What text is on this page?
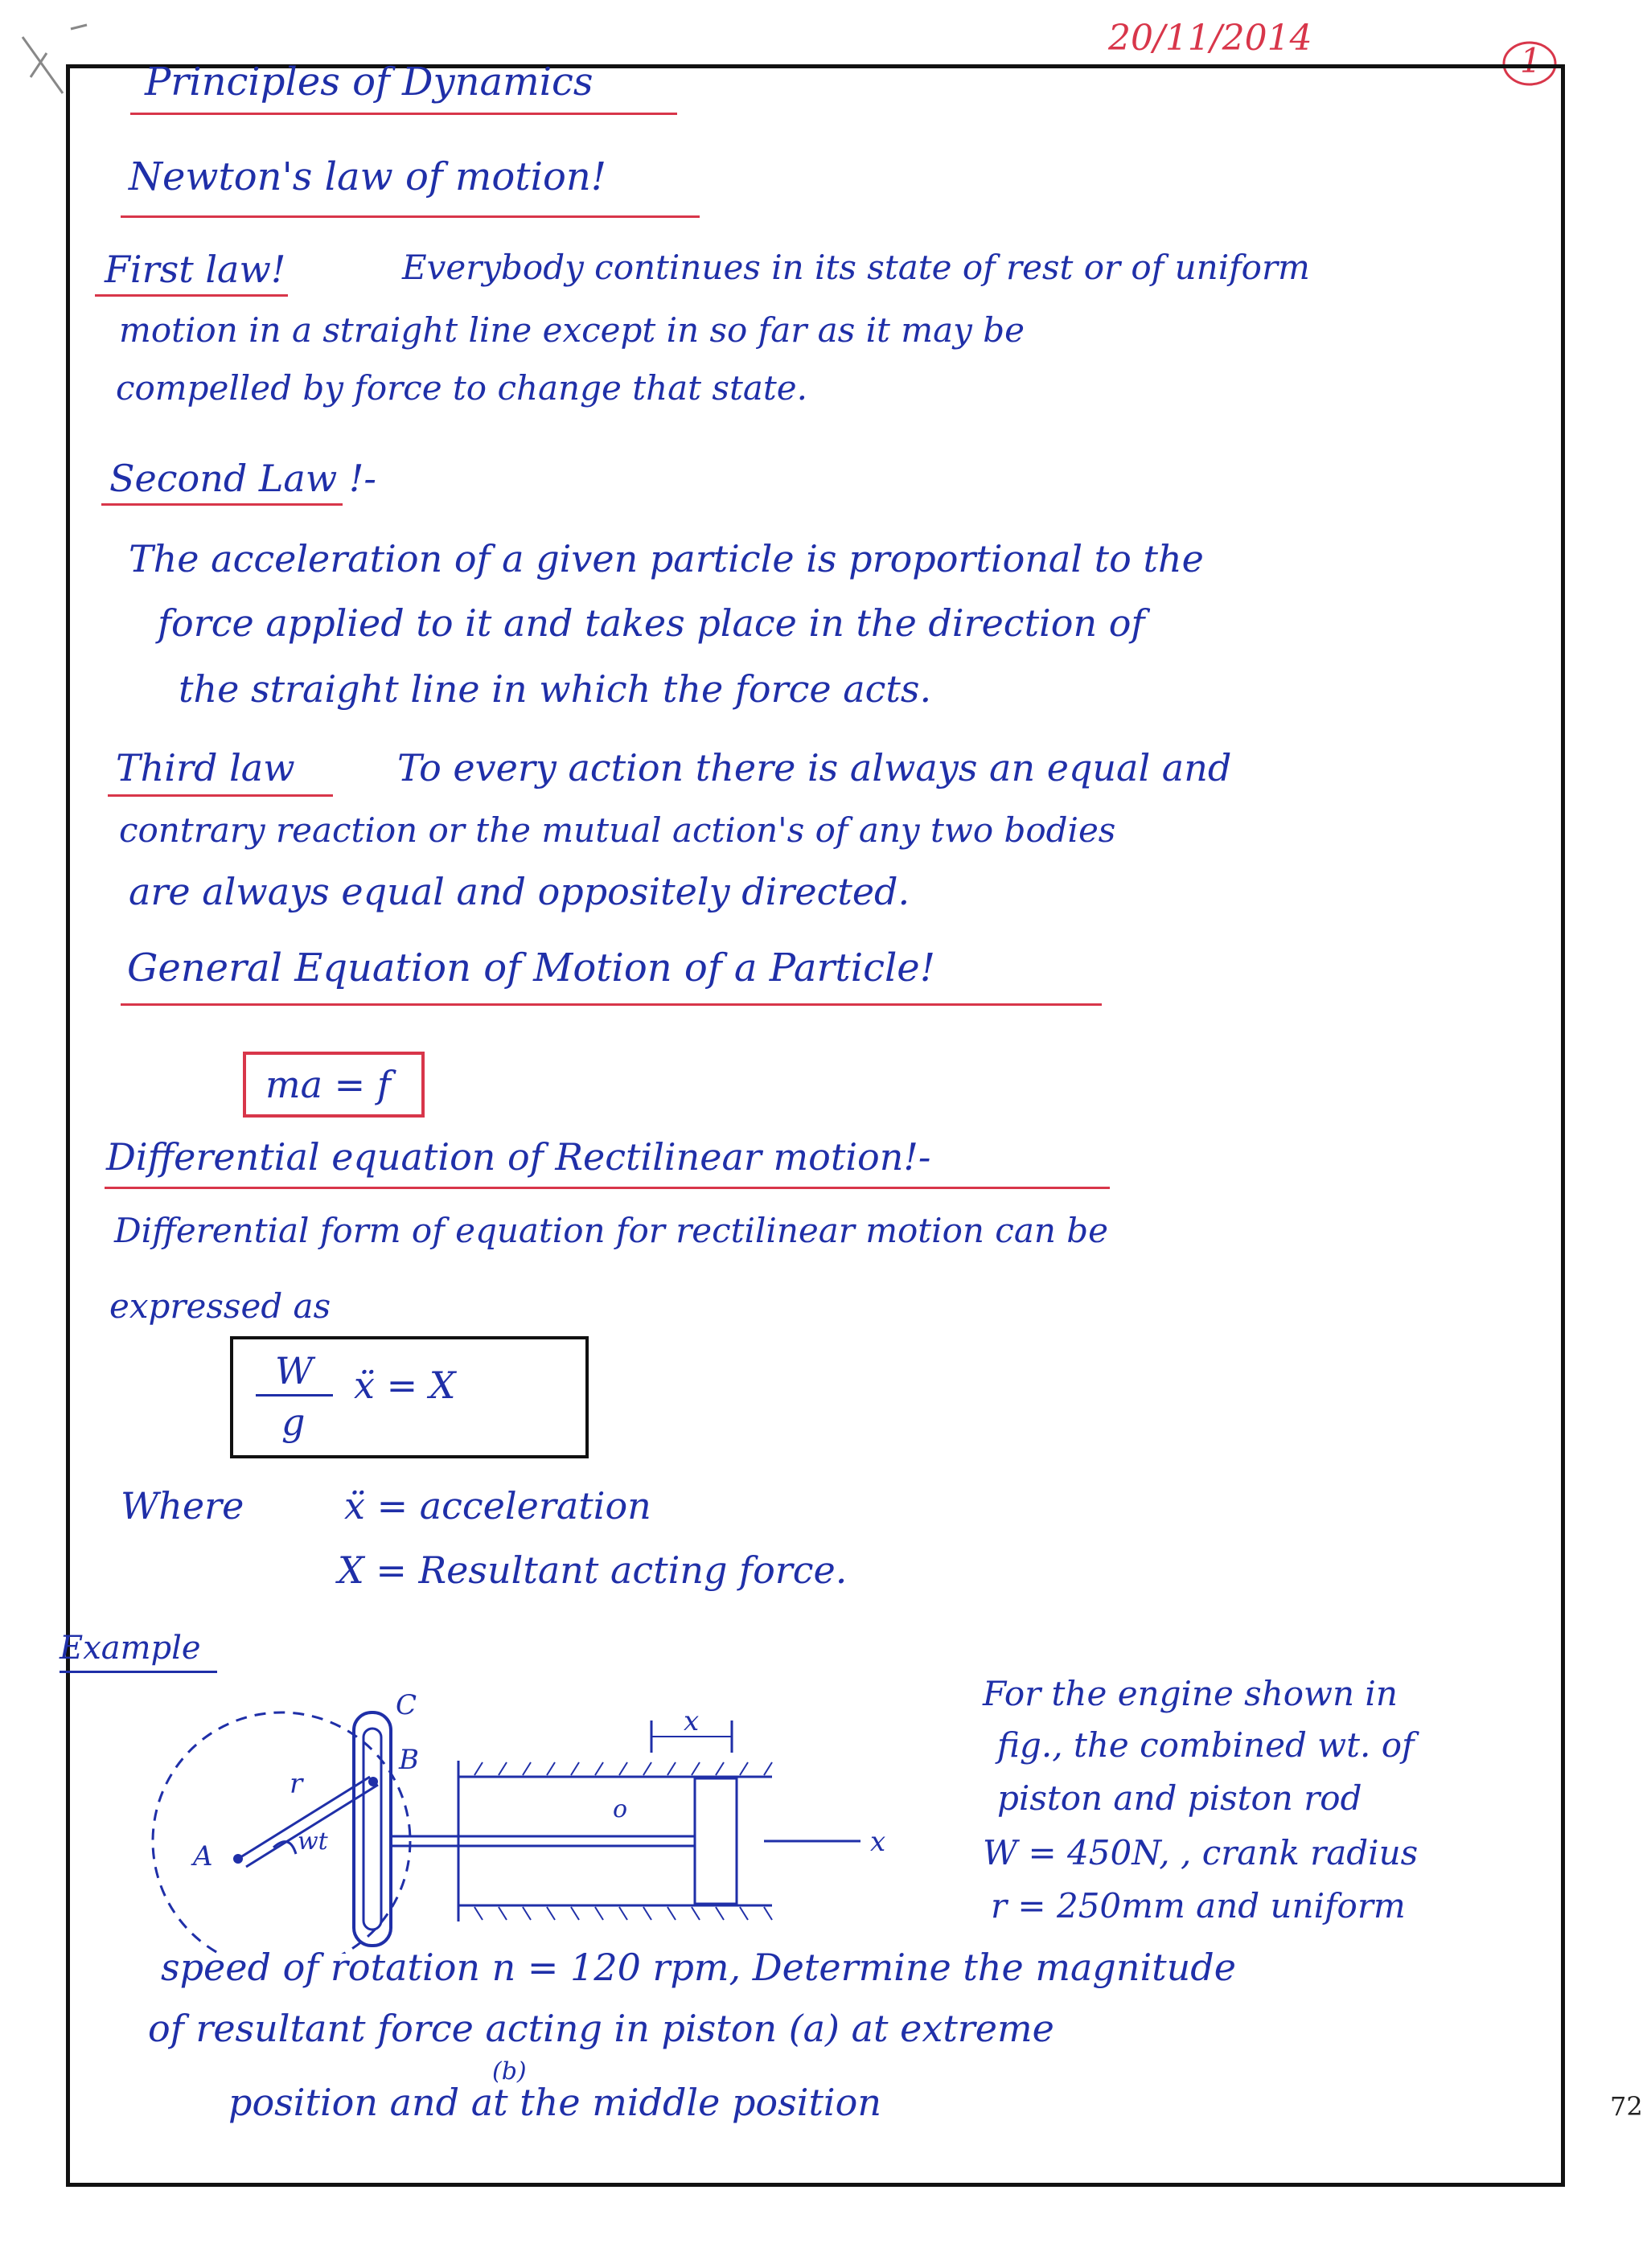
20/11/2014
1
Principles of Dynamics
Newton's law of motion!
First law!	Everybody continues in its state of rest or of uniform
motion in a straight line except in so far as it may be
compelled by force to change that state.
Second Law !-
The acceleration of a given particle is proportional to the
force applied to it and takes place in the direction of
the straight line in which the force acts.
Third law	To every action there is always an equal and
contrary reaction or the mutual action's of any two bodies
are always equal and oppositely directed.
General Equation of Motion of a Particle!
ma = f
Differential equation of Rectilinear motion!-
Differential form of equation for rectilinear motion can be
expressed as
W
g
ẍ = X
Where	ẍ = acceleration
X = Resultant acting force.
Example
C
B
A
r
wt
x
o
x
For the engine shown in
fig., the combined wt. of
piston and piston rod
W = 450N, , crank radius
r = 250mm and uniform
speed of rotation n = 120 rpm, Determine the magnitude
of resultant force acting in piston (a) at extreme
(b)
position and at the middle position	72
